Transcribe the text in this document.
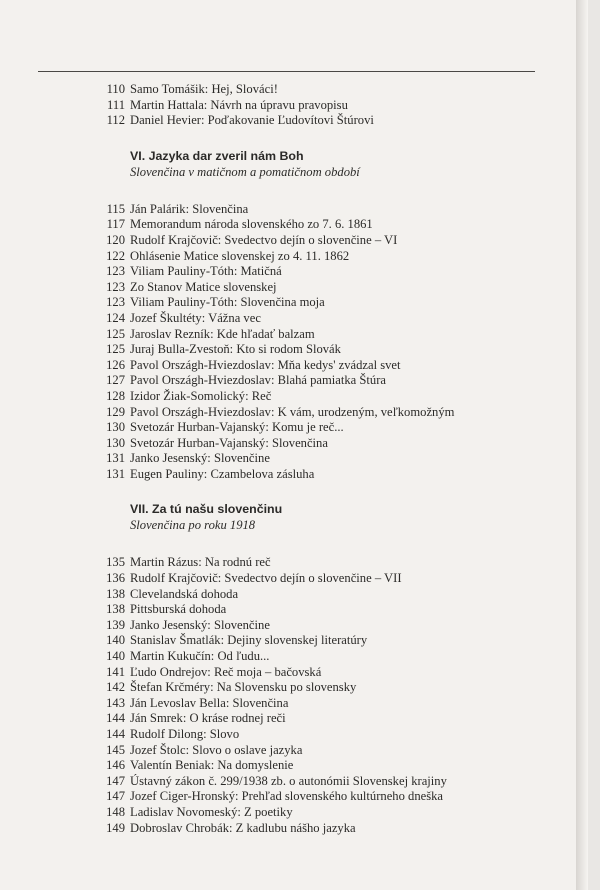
110 Samo Tomášik: Hej, Slováci!
111 Martin Hattala: Návrh na úpravu pravopisu
112 Daniel Hevier: Poďakovanie Ľudovítovi Štúrovi
VI. Jazyka dar zveril nám Boh
Slovenčina v matičnom a pomatičnom období
115 Ján Palárik: Slovenčina
117 Memorandum národa slovenského zo 7. 6. 1861
120 Rudolf Krajčovič: Svedectvo dejín o slovenčine – VI
122 Ohlásenie Matice slovenskej zo 4. 11. 1862
123 Viliam Pauliny-Tóth: Matičná
123 Zo Stanov Matice slovenskej
123 Viliam Pauliny-Tóth: Slovenčina moja
124 Jozef Škultéty: Vážna vec
125 Jaroslav Rezník: Kde hľadať balzam
125 Juraj Bulla-Zvestoň: Kto si rodom Slovák
126 Pavol Országh-Hviezdoslav: Mňa kedys' zvádzal svet
127 Pavol Országh-Hviezdoslav: Blahá pamiatka Štúra
128 Izidor Žiak-Somolický: Reč
129 Pavol Országh-Hviezdoslav: K vám, urodzeným, veľkomožným
130 Svetozár Hurban-Vajanský: Komu je reč...
130 Svetozár Hurban-Vajanský: Slovenčina
131 Janko Jesenský: Slovenčine
131 Eugen Pauliny: Czambelova zásluha
VII. Za tú našu slovenčinu
Slovenčina po roku 1918
135 Martin Rázus: Na rodnú reč
136 Rudolf Krajčovič: Svedectvo dejín o slovenčine – VII
138 Clevelandská dohoda
138 Pittsburská dohoda
139 Janko Jesenský: Slovenčine
140 Stanislav Šmatlák: Dejiny slovenskej literatúry
140 Martin Kukučín: Od ľudu...
141 Ľudo Ondrejov: Reč moja – bačovská
142 Štefan Krčméry: Na Slovensku po slovensky
143 Ján Levoslav Bella: Slovenčina
144 Ján Smrek: O kráse rodnej reči
144 Rudolf Dilong: Slovo
145 Jozef Štolc: Slovo o oslave jazyka
146 Valentín Beniak: Na domyslenie
147 Ústavný zákon č. 299/1938 zb. o autonómii Slovenskej krajiny
147 Jozef Ciger-Hronský: Prehľad slovenského kultúrneho dneška
148 Ladislav Novomeský: Z poetiky
149 Dobroslav Chrobák: Z kadlubu nášho jazyka
